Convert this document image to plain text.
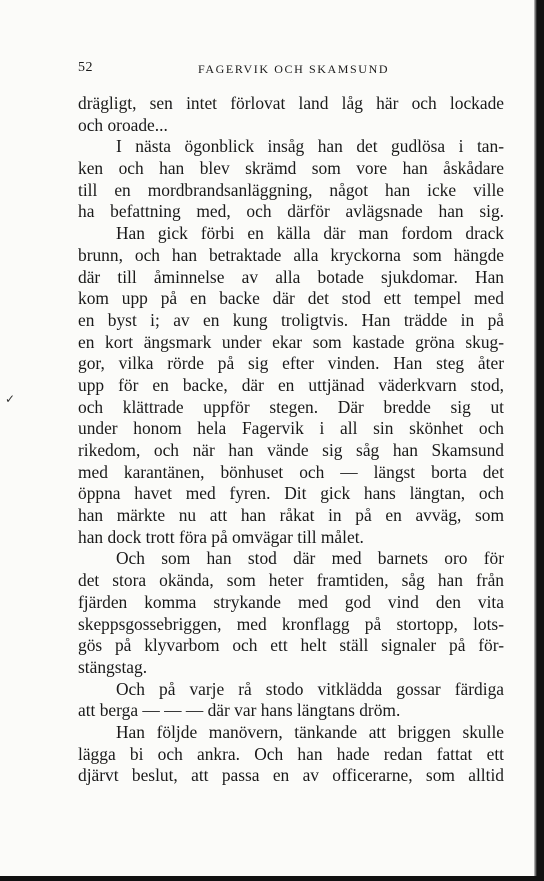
52	FAGERVIK OCH SKAMSUND
✓
drägligt, sen intet förlovat land låg här och lockade
och oroade...
I nästa ögonblick insåg han det gudlösa i tan-
ken och han blev skrämd som vore han åskådare
till en mordbrandsanläggning, något han icke ville
ha befattning med, och därför avlägsnade han sig.
Han gick förbi en källa där man fordom drack
brunn, och han betraktade alla kryckorna som hängde
där till åminnelse av alla botade sjukdomar. Han
kom upp på en backe där det stod ett tempel med
en byst i; av en kung troligtvis. Han trädde in på
en kort ängsmark under ekar som kastade gröna skug-
gor, vilka rörde på sig efter vinden. Han steg åter
upp för en backe, där en uttjänad väderkvarn stod,
och klättrade uppför stegen. Där bredde sig ut
under honom hela Fagervik i all sin skönhet och
rikedom, och när han vände sig såg han Skamsund
med karantänen, bönhuset och — längst borta det
öppna havet med fyren. Dit gick hans längtan, och
han märkte nu att han råkat in på en avväg, som
han dock trott föra på omvägar till målet.
Och som han stod där med barnets oro för
det stora okända, som heter framtiden, såg han från
fjärden komma strykande med god vind den vita
skeppsgossebriggen, med kronflagg på stortopp, lots-
gös på klyvarbom och ett helt ställ signaler på för-
stängstag.
Och på varje rå stodo vitklädda gossar färdiga
att berga — — — där var hans längtans dröm.
Han följde manövern, tänkande att briggen skulle
lägga bi och ankra. Och han hade redan fattat ett
djärvt beslut, att passa en av officerarne, som alltid
